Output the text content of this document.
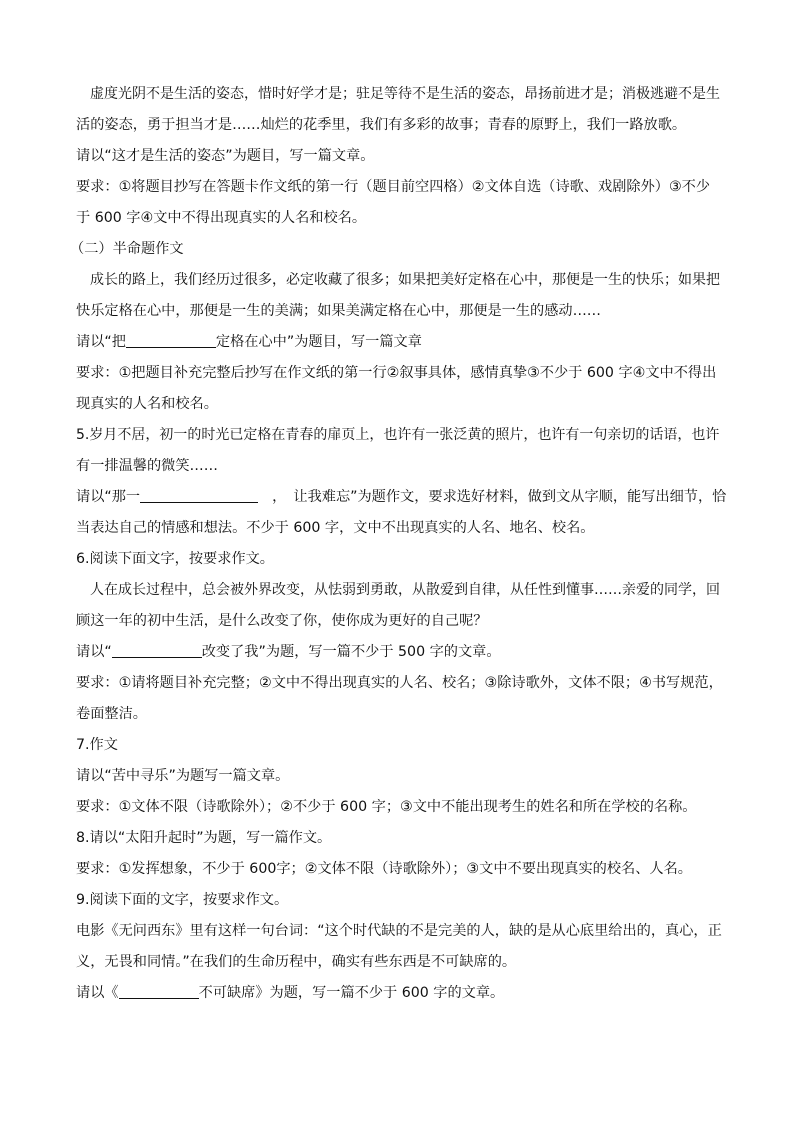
　虚度光阴不是生活的姿态，惜时好学才是；驻足等待不是生活的姿态，昂扬前进才是；消极逃避不是生
活的姿态，勇于担当才是……灿烂的花季里，我们有多彩的故事；青春的原野上，我们一路放歌。
请以“这才是生活的姿态”为题目，写一篇文章。
要求：①将题目抄写在答题卡作文纸的第一行（题目前空四格）②文体自选（诗歌、戏剧除外）③不少
于 600 字④文中不得出现真实的人名和校名。
（二）半命题作文
　成长的路上，我们经历过很多，必定收藏了很多；如果把美好定格在心中，那便是一生的快乐；如果把
快乐定格在心中，那便是一生的美满；如果美满定格在心中，那便是一生的感动……
请以“把	定格在心中”为题目，写一篇文章
要求：①把题目补充完整后抄写在作文纸的第一行②叙事具体，感情真挚③不少于 600 字④文中不得出
现真实的人名和校名。
5.岁月不居，初一的时光已定格在青春的扉页上，也许有一张泛黄的照片，也许有一句亲切的话语，也许
有一排温馨的微笑……
请以“那一	，　让我难忘”为题作文，要求选好材料，做到文从字顺，能写出细节，恰
当表达自己的情感和想法。不少于 600 字，文中不出现真实的人名、地名、校名。
6.阅读下面文字，按要求作文。
　人在成长过程中，总会被外界改变，从怯弱到勇敢，从散爱到自律，从任性到懂事……亲爱的同学，回
顾这一年的初中生活，是什么改变了你，使你成为更好的自己呢？
请以“	改变了我”为题，写一篇不少于 500 字的文章。
要求：①请将题目补充完整；②文中不得出现真实的人名、校名；③除诗歌外，文体不限；④书写规范，
卷面整洁。
7.作文
请以“苦中寻乐”为题写一篇文章。
要求：①文体不限（诗歌除外）；②不少于 600 字；③文中不能出现考生的姓名和所在学校的名称。
8.请以“太阳升起时”为题，写一篇作文。
要求：①发挥想象，不少于 600字；②文体不限（诗歌除外）；③文中不要出现真实的校名、人名。
9.阅读下面的文字，按要求作文。
电影《无问西东》里有这样一句台词：“这个时代缺的不是完美的人，缺的是从心底里给出的，真心，正
义，无畏和同情。”在我们的生命历程中，确实有些东西是不可缺席的。
请以《	不可缺席》为题，写一篇不少于 600 字的文章。
